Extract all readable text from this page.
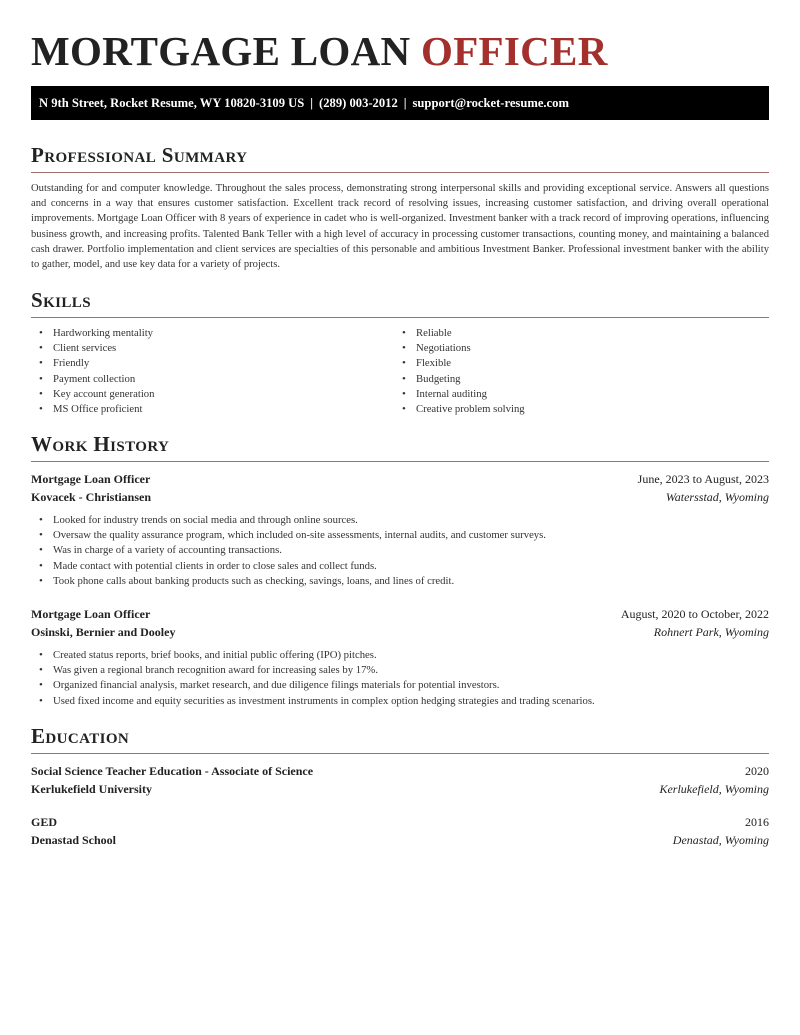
MORTGAGE LOAN OFFICER
N 9th Street, Rocket Resume, WY 10820-3109 US | (289) 003-2012 | support@rocket-resume.com
Professional Summary

Outstanding for and computer knowledge. Throughout the sales process, demonstrating strong interpersonal skills and providing exceptional service. Answers all questions and concerns in a way that ensures customer satisfaction. Excellent track record of resolving issues, increasing customer satisfaction, and driving overall operational improvements. Mortgage Loan Officer with 8 years of experience in cadet who is well-organized. Investment banker with a track record of improving operations, influencing business growth, and increasing profits. Talented Bank Teller with a high level of accuracy in processing customer transactions, counting money, and maintaining a balanced cash drawer. Portfolio implementation and client services are specialties of this personable and ambitious Investment Banker. Professional investment banker with the ability to gather, model, and use key data for a variety of projects.

Skills
• Hardworking mentality
• Client services
• Friendly
• Payment collection
• Key account generation
• MS Office proficient
• Reliable
• Negotiations
• Flexible
• Budgeting
• Internal auditing
• Creative problem solving
Work History
Mortgage Loan Officer	June, 2023 to August, 2023
Kovacek - Christiansen	Watersstad, Wyoming
• Looked for industry trends on social media and through online sources.
• Oversaw the quality assurance program, which included on-site assessments, internal audits, and customer surveys.
• Was in charge of a variety of accounting transactions.
• Made contact with potential clients in order to close sales and collect funds.
• Took phone calls about banking products such as checking, savings, loans, and lines of credit.
Mortgage Loan Officer	August, 2020 to October, 2022
Osinski, Bernier and Dooley	Rohnert Park, Wyoming
• Created status reports, brief books, and initial public offering (IPO) pitches.
• Was given a regional branch recognition award for increasing sales by 17%.
• Organized financial analysis, market research, and due diligence filings materials for potential investors.
• Used fixed income and equity securities as investment instruments in complex option hedging strategies and trading scenarios.
Education
Social Science Teacher Education - Associate of Science	2020
Kerlukefield University	Kerlukefield, Wyoming
GED	2016
Denastad School	Denastad, Wyoming
